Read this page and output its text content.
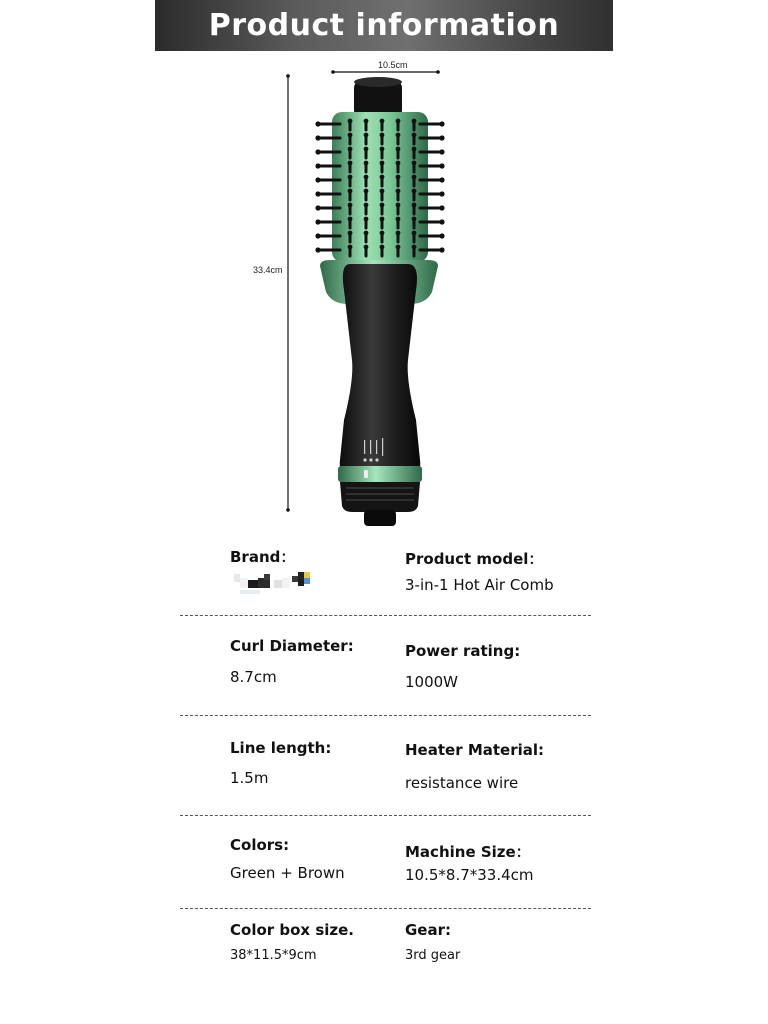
Product information
10.5cm
33.4cm
Brand：	Product model：
3-in-1 Hot Air Comb
Curl Diameter:
8.7cm
Power rating:
1000W
Line length:
1.5m
Heater Material:
resistance wire
Colors:
Green + Brown
Machine Size：
10.5*8.7*33.4cm
Color box size.
38*11.5*9cm
Gear:
3rd gear
